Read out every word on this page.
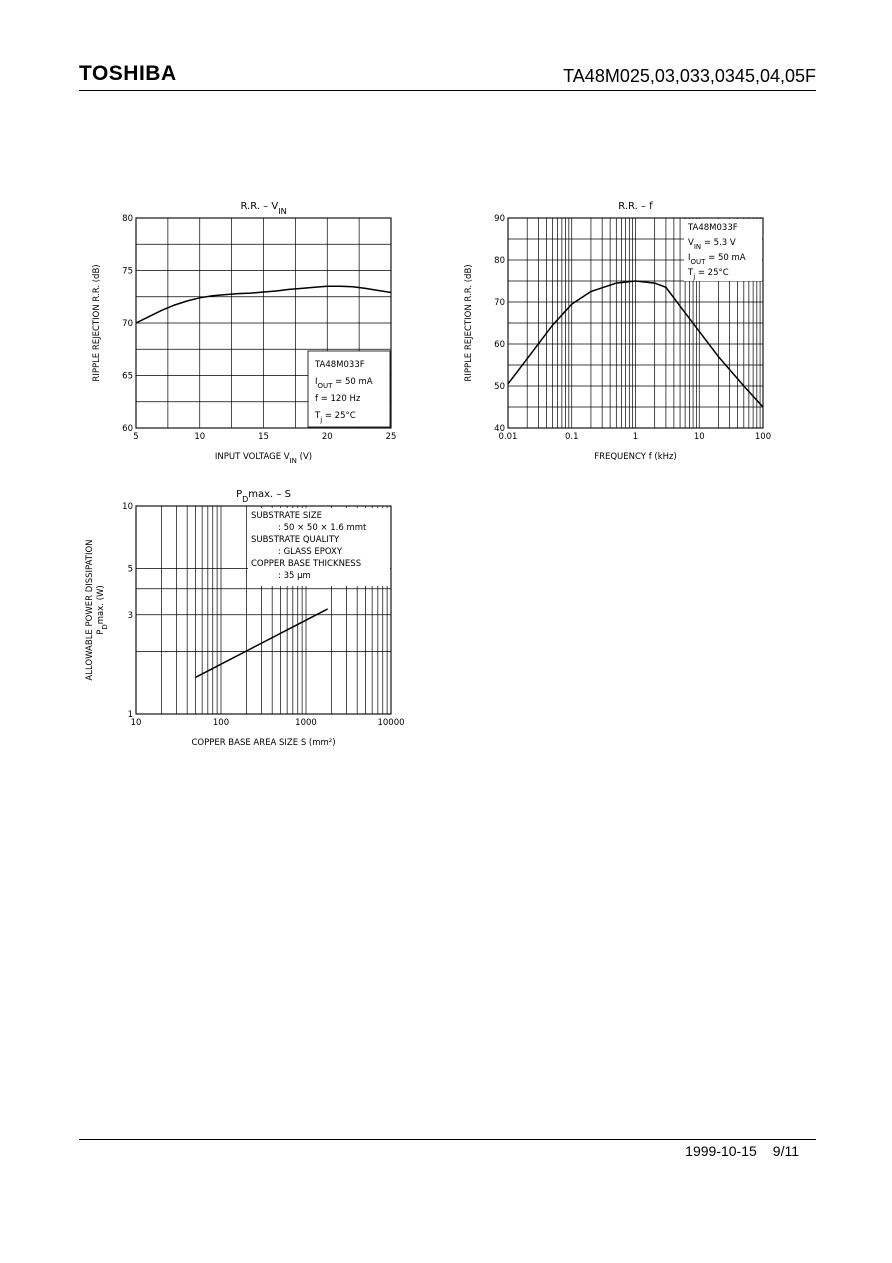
TOSHIBA	TA48M025,03,033,0345,04,05F
5	10	15	20	25
60
65
70
75
80
R.R. – $V_{IN}$
INPUT VOLTAGE $V_{IN}$ (V)
RIPPLE REJECTION R.R. (dB)	TA48M033F
$I_{OUT} = 50$ mA
f = 120 Hz
$T_j = 25^\circ C$
0.01	0.1	1	10	100
40
50
60
70
80
90
R.R. – f
FREQUENCY f (kHz)
RIPPLE REJECTION R.R. (dB)
TA48M033F
$V_{IN} = 5.3$ V
$I_{OUT} = 50$ mA
$T_j = 25^\circ C$
10	100	1000	10000
1
3
5
10
$P_D\max$. – S
COPPER BASE AREA SIZE S (mm²)
ALLOWABLE POWER DISSIPATION $P_D\max$. (W)
SUBSTRATE SIZE
: 50 × 50 × 1.6 mmt
SUBSTRATE QUALITY
: GLASS EPOXY
COPPER BASE THICKNESS
: 35 μm
1999-10-15 9/11
